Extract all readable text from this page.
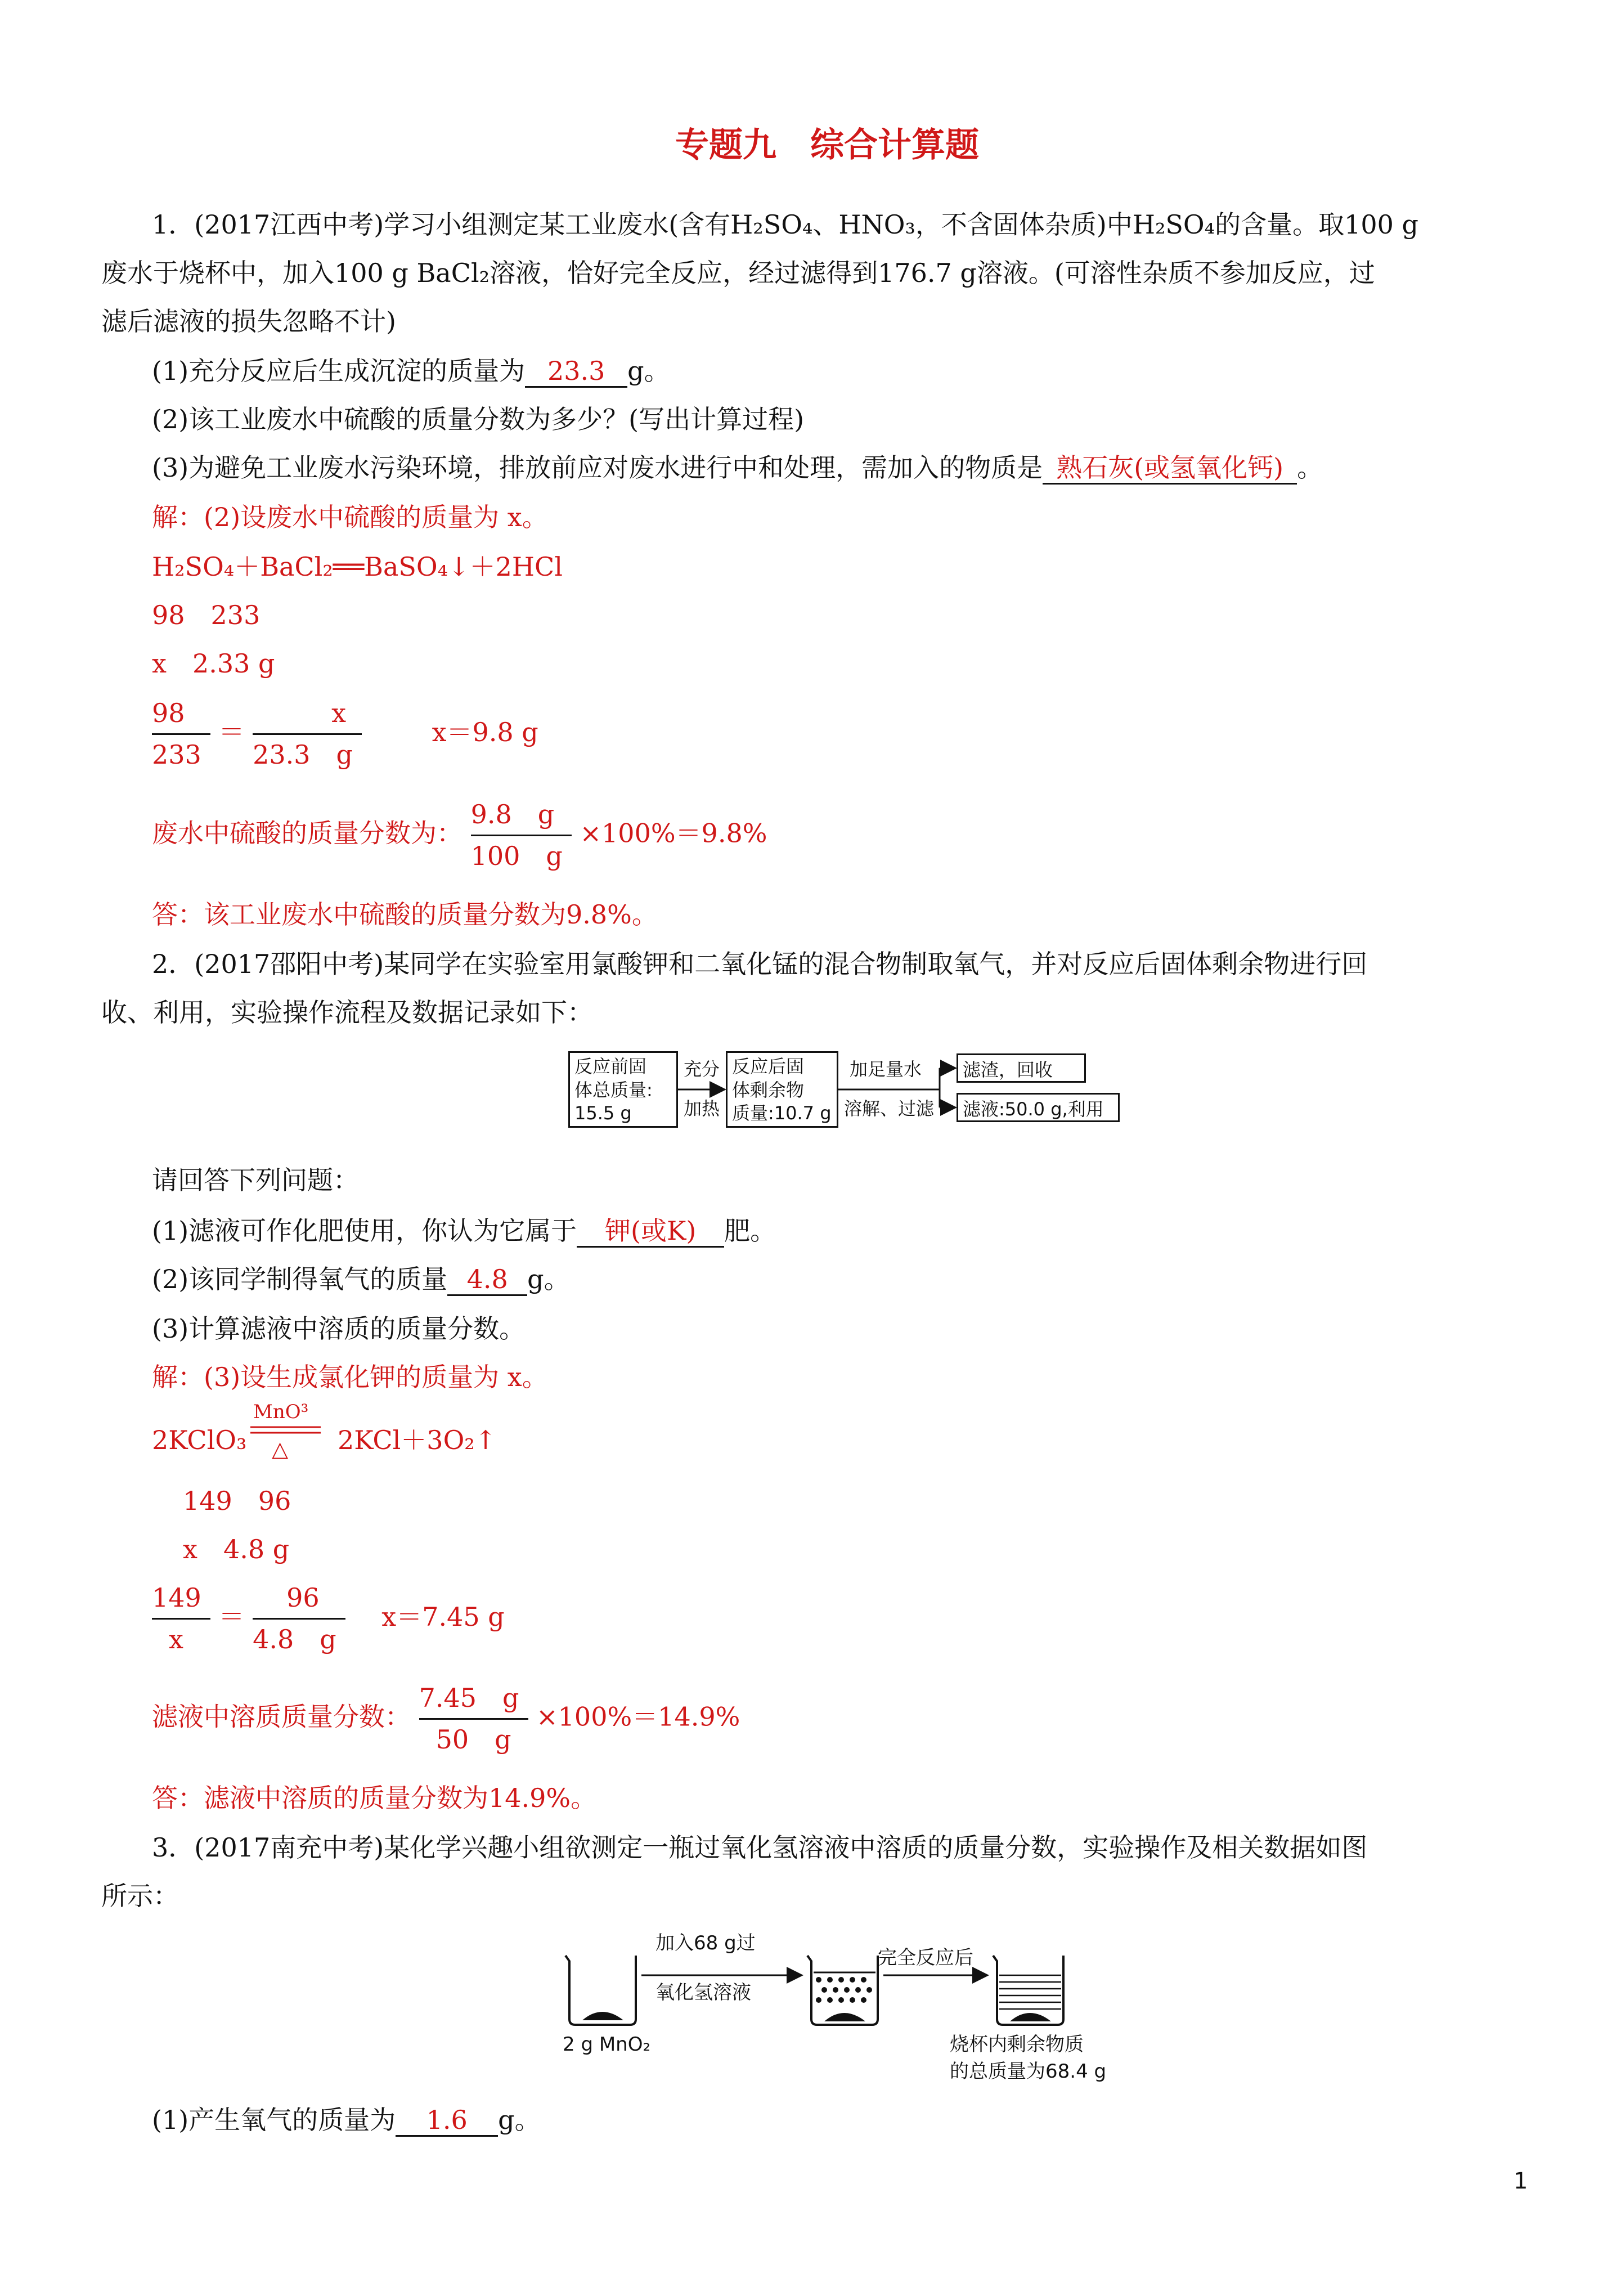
专题九　综合计算题
1．(2017江西中考)学习小组测定某工业废水(含有H₂SO₄、HNO₃，不含固体杂质)中H₂SO₄的含量。取100 g
废水于烧杯中，加入100 g BaCl₂溶液，恰好完全反应，经过滤得到176.7 g溶液。(可溶性杂质不参加反应，过
滤后滤液的损失忽略不计)
(1)充分反应后生成沉淀的质量为 23.3 g。
(2)该工业废水中硫酸的质量分数为多少？(写出计算过程)
(3)为避免工业废水污染环境，排放前应对废水进行中和处理，需加入的物质是 熟石灰(或氢氧化钙) 。
解：(2)设废水中硫酸的质量为 x。
H₂SO₄＋BaCl₂══BaSO₄↓＋2HCl
98　233
x　2.33 g
$\frac{98}{233} = \frac{x}{23.3 g}$	x＝9.8 g
废水中硫酸的质量分数为： $\frac{9.8 g}{100 g} \times 100\%=9.8\%$
答：该工业废水中硫酸的质量分数为9.8%。
2．(2017邵阳中考)某同学在实验室用氯酸钾和二氧化锰的混合物制取氧气，并对反应后固体剩余物进行回
收、利用，实验操作流程及数据记录如下：
反应前固
体总质量:
15.5 g
充分
加热
反应后固
体剩余物
质量:10.7 g
加足量水
溶解、过滤
滤渣，回收
滤液:50.0 g,利用
请回答下列问题：
(1)滤液可作化肥使用，你认为它属于 钾(或K) 肥。
(2)该同学制得氧气的质量 4.8 g。
(3)计算滤液中溶质的质量分数。
解：(3)设生成氯化钾的质量为 x。
2KClO₃
MnO³
△ 2KCl＋3O₂↑
149　96
x　4.8 g
$\frac{149}{x} = \frac{96}{4.8 g} x=7.45$ g
滤液中溶质质量分数： $\frac{7.45 g}{50 g} \times 100\%=14.9\%$
答：滤液中溶质的质量分数为14.9%。
3．(2017南充中考)某化学兴趣小组欲测定一瓶过氧化氢溶液中溶质的质量分数，实验操作及相关数据如图
所示：
2 g MnO₂
加入68 g过
氧化氢溶液
完全反应后
烧杯内剩余物质
的总质量为68.4 g
(1)产生氧气的质量为 1.6 g。
1
